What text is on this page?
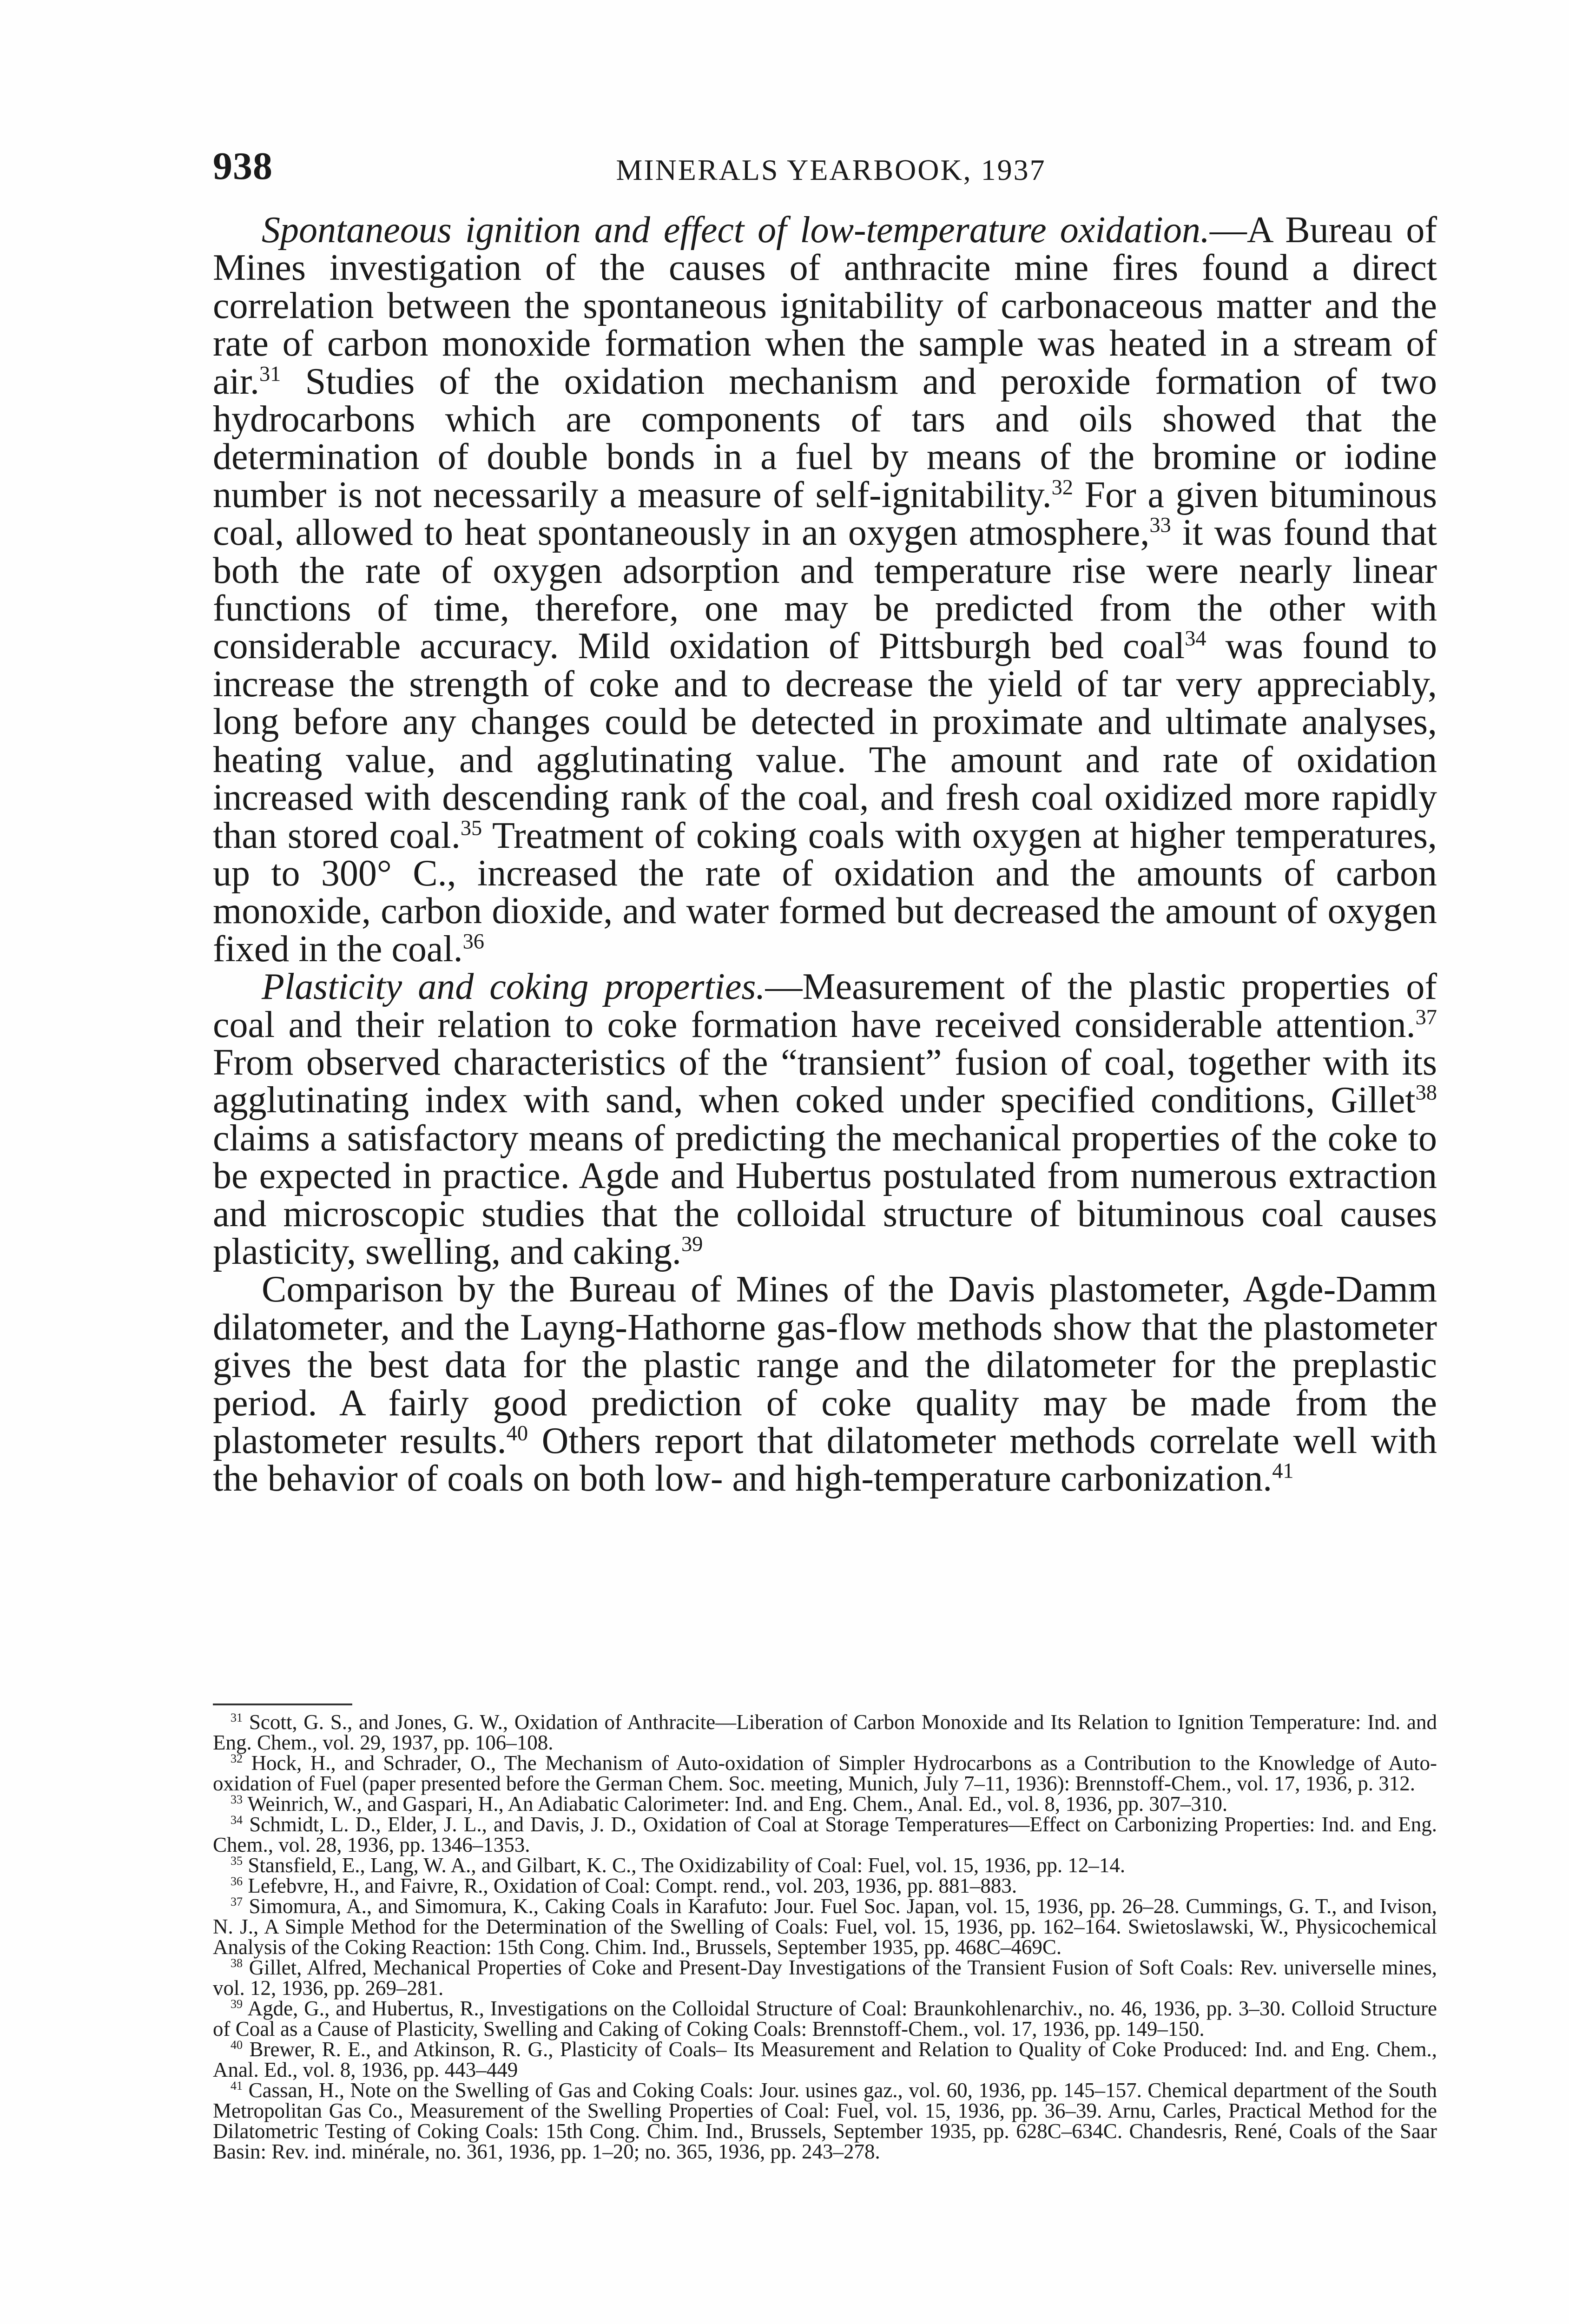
938	MINERALS YEARBOOK, 1937

Spontaneous ignition and effect of low-temperature oxidation.—A Bureau of Mines investigation of the causes of anthracite mine fires found a direct correlation between the spontaneous ignitability of carbonaceous matter and the rate of carbon monoxide formation when the sample was heated in a stream of air.$^{31}$ Studies of the oxidation mechanism and peroxide formation of two hydrocarbons which are components of tars and oils showed that the determination of double bonds in a fuel by means of the bromine or iodine number is not necessarily a measure of self-ignitability.$^{32}$ For a given bituminous coal, allowed to heat spontaneously in an oxygen atmosphere,$^{33}$ it was found that both the rate of oxygen adsorption and temperature rise were nearly linear functions of time, therefore, one may be predicted from the other with considerable accuracy. Mild oxidation of Pittsburgh bed coal$^{34}$ was found to increase the strength of coke and to decrease the yield of tar very appreciably, long before any changes could be detected in proximate and ultimate analyses, heating value, and agglutinating value. The amount and rate of oxidation increased with descending rank of the coal, and fresh coal oxidized more rapidly than stored coal.$^{35}$ Treatment of coking coals with oxygen at higher temperatures, up to 300° C., increased the rate of oxidation and the amounts of carbon monoxide, carbon dioxide, and water formed but decreased the amount of oxygen fixed in the coal.$^{36}$

Plasticity and coking properties.—Measurement of the plastic properties of coal and their relation to coke formation have received considerable attention.$^{37}$ From observed characteristics of the “transient” fusion of coal, together with its agglutinating index with sand, when coked under specified conditions, Gillet$^{38}$ claims a satisfactory means of predicting the mechanical properties of the coke to be expected in practice. Agde and Hubertus postulated from numerous extraction and microscopic studies that the colloidal structure of bituminous coal causes plasticity, swelling, and caking.$^{39}$

Comparison by the Bureau of Mines of the Davis plastometer, Agde-Damm dilatometer, and the Layng-Hathorne gas-flow methods show that the plastometer gives the best data for the plastic range and the dilatometer for the preplastic period. A fairly good prediction of coke quality may be made from the plastometer results.$^{40}$ Others report that dilatometer methods correlate well with the behavior of coals on both low- and high-temperature carbonization.$^{41}$

$^{31}$ Scott, G. S., and Jones, G. W., Oxidation of Anthracite—Liberation of Carbon Monoxide and Its Relation to Ignition Temperature: Ind. and Eng. Chem., vol. 29, 1937, pp. 106–108.

$^{32}$ Hock, H., and Schrader, O., The Mechanism of Auto-oxidation of Simpler Hydrocarbons as a Contribution to the Knowledge of Auto-oxidation of Fuel (paper presented before the German Chem. Soc. meeting, Munich, July 7–11, 1936): Brennstoff-Chem., vol. 17, 1936, p. 312.

$^{33}$ Weinrich, W., and Gaspari, H., An Adiabatic Calorimeter: Ind. and Eng. Chem., Anal. Ed., vol. 8, 1936, pp. 307–310.

$^{34}$ Schmidt, L. D., Elder, J. L., and Davis, J. D., Oxidation of Coal at Storage Temperatures—Effect on Carbonizing Properties: Ind. and Eng. Chem., vol. 28, 1936, pp. 1346–1353.

$^{35}$ Stansfield, E., Lang, W. A., and Gilbart, K. C., The Oxidizability of Coal: Fuel, vol. 15, 1936, pp. 12–14.

$^{36}$ Lefebvre, H., and Faivre, R., Oxidation of Coal: Compt. rend., vol. 203, 1936, pp. 881–883.

$^{37}$ Simomura, A., and Simomura, K., Caking Coals in Karafuto: Jour. Fuel Soc. Japan, vol. 15, 1936, pp. 26–28. Cummings, G. T., and Ivison, N. J., A Simple Method for the Determination of the Swelling of Coals: Fuel, vol. 15, 1936, pp. 162–164. Swietoslawski, W., Physicochemical Analysis of the Coking Reaction: 15th Cong. Chim. Ind., Brussels, September 1935, pp. 468C–469C.

$^{38}$ Gillet, Alfred, Mechanical Properties of Coke and Present-Day Investigations of the Transient Fusion of Soft Coals: Rev. universelle mines, vol. 12, 1936, pp. 269–281.

$^{39}$ Agde, G., and Hubertus, R., Investigations on the Colloidal Structure of Coal: Braunkohlenarchiv., no. 46, 1936, pp. 3–30. Colloid Structure of Coal as a Cause of Plasticity, Swelling and Caking of Coking Coals: Brennstoff-Chem., vol. 17, 1936, pp. 149–150.

$^{40}$ Brewer, R. E., and Atkinson, R. G., Plasticity of Coals– Its Measurement and Relation to Quality of Coke Produced: Ind. and Eng. Chem., Anal. Ed., vol. 8, 1936, pp. 443–449

$^{41}$ Cassan, H., Note on the Swelling of Gas and Coking Coals: Jour. usines gaz., vol. 60, 1936, pp. 145–157. Chemical department of the South Metropolitan Gas Co., Measurement of the Swelling Properties of Coal: Fuel, vol. 15, 1936, pp. 36–39. Arnu, Carles, Practical Method for the Dilatometric Testing of Coking Coals: 15th Cong. Chim. Ind., Brussels, September 1935, pp. 628C–634C. Chandesris, René, Coals of the Saar Basin: Rev. ind. minérale, no. 361, 1936, pp. 1–20; no. 365, 1936, pp. 243–278.
